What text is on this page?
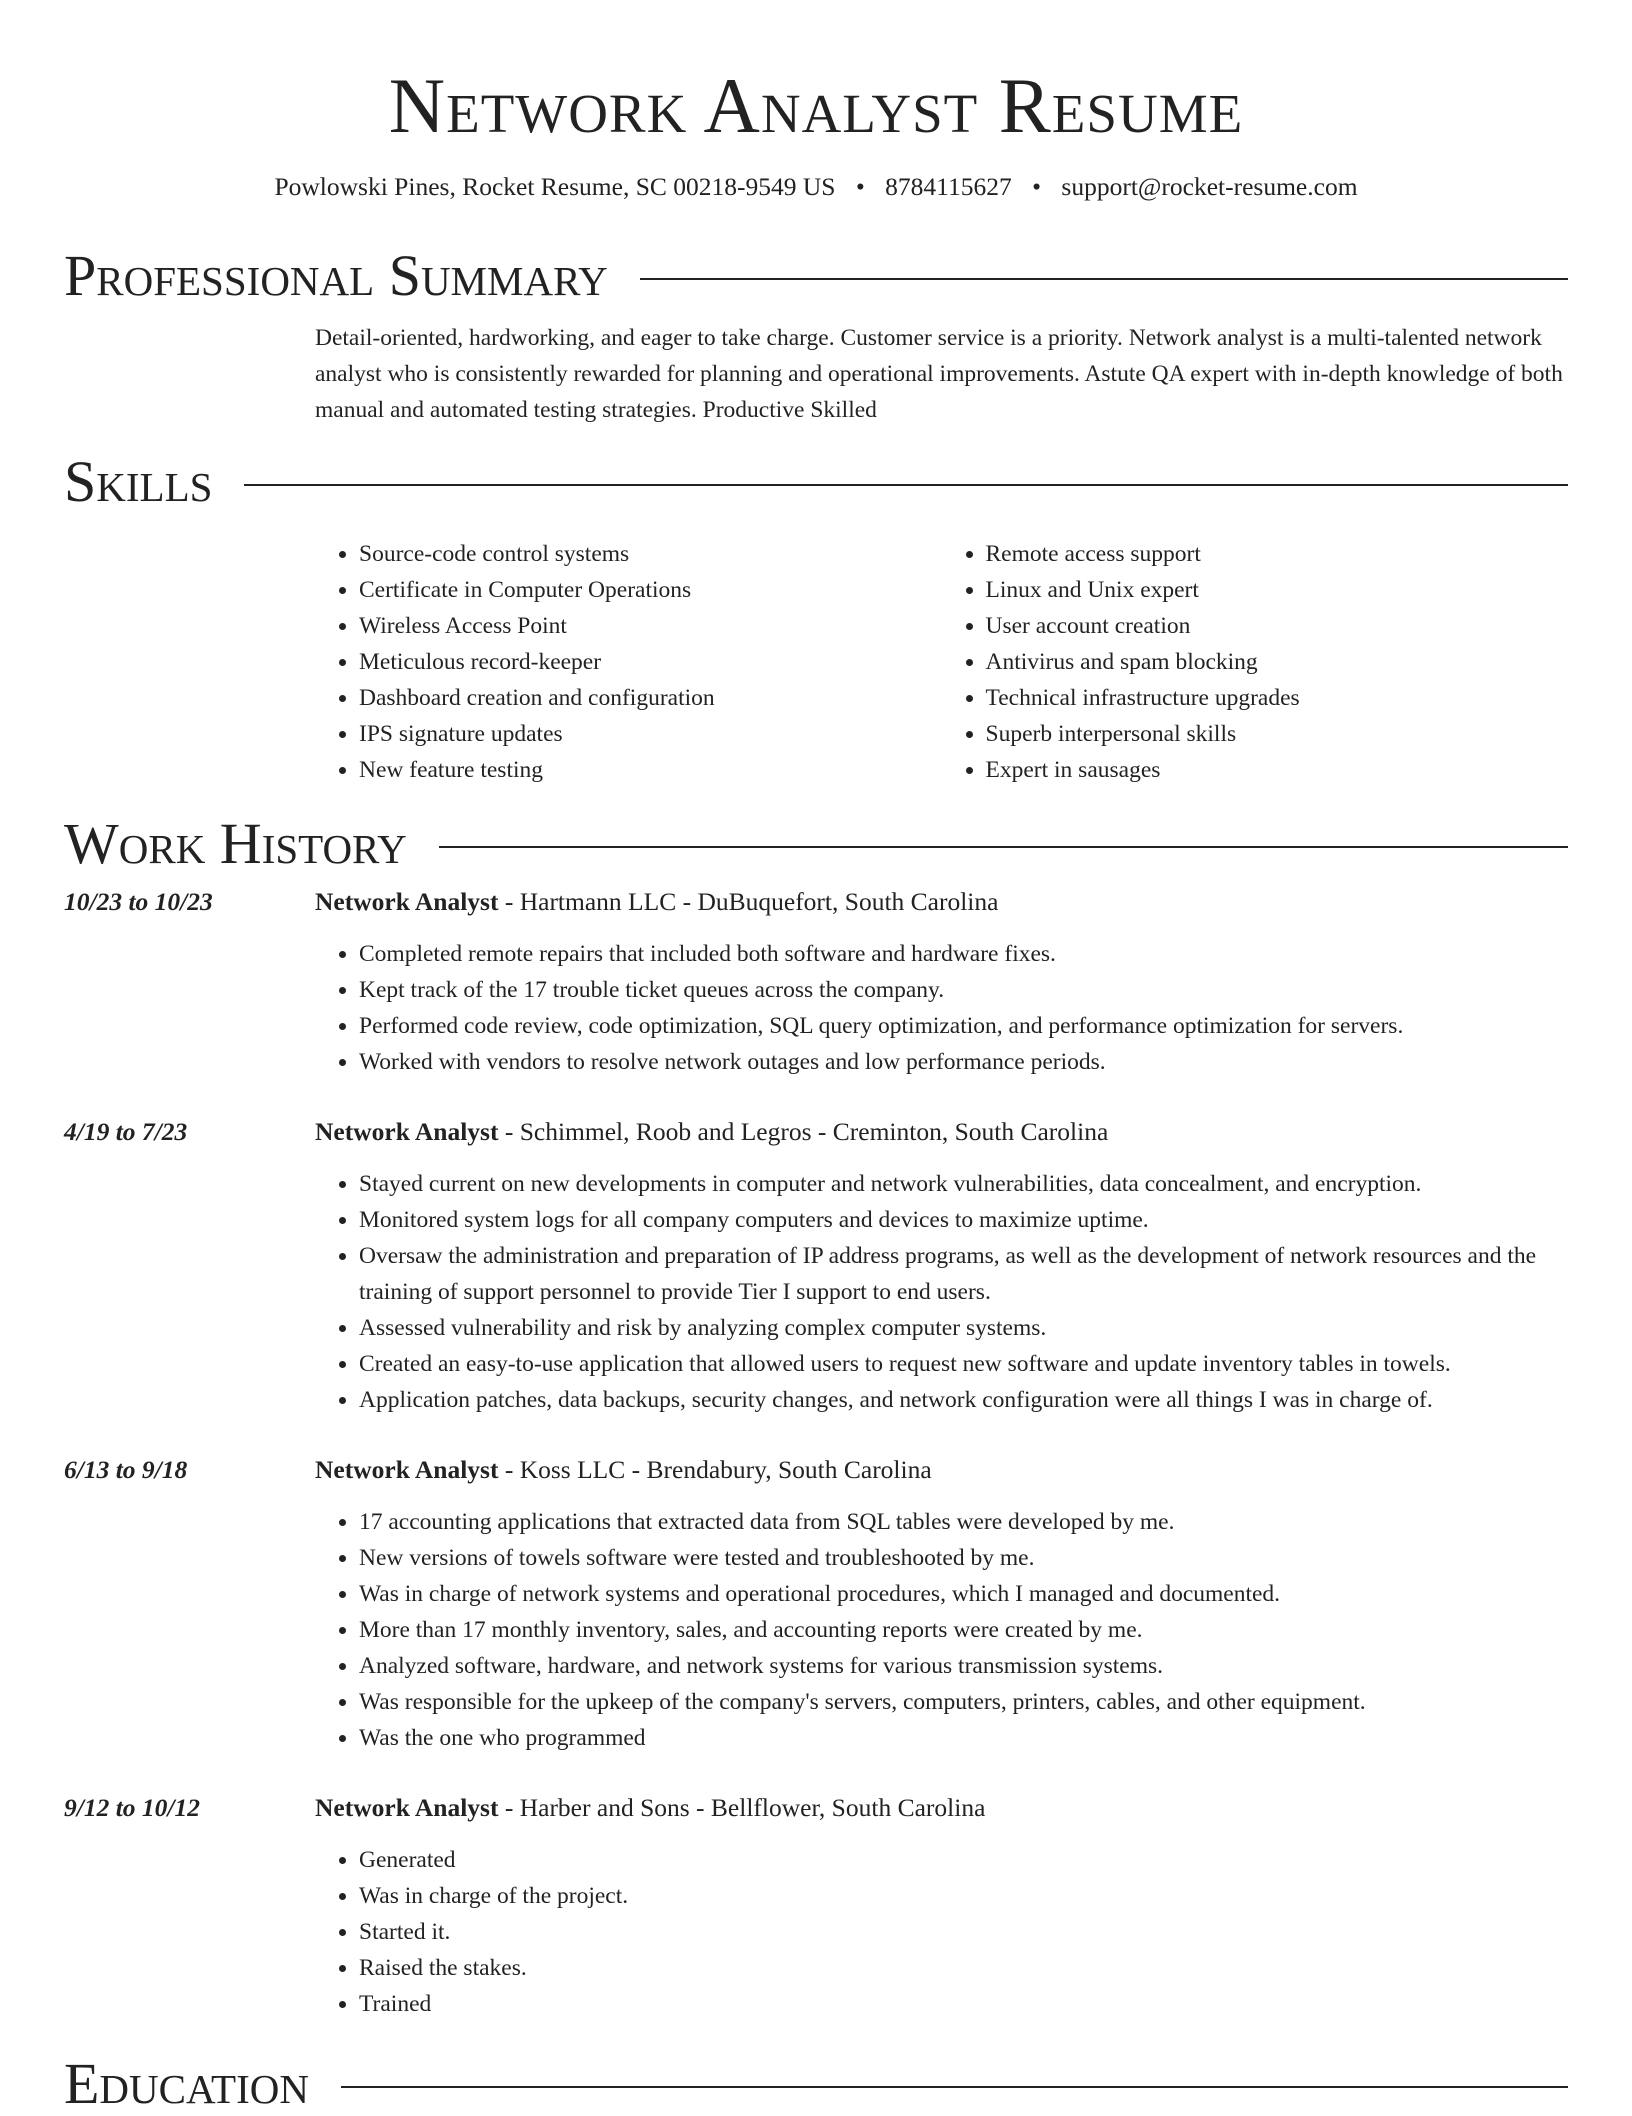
Network Analyst Resume
Powlowski Pines, Rocket Resume, SC 00218-9549 US • 8784115627 • support@rocket-resume.com
Professional Summary

Detail-oriented, hardworking, and eager to take charge. Customer service is a priority. Network analyst is a multi-talented network analyst who is consistently rewarded for planning and operational improvements. Astute QA expert with in-depth knowledge of both manual and automated testing strategies. Productive Skilled

Skills
• Source-code control systems
• Certificate in Computer Operations
• Wireless Access Point
• Meticulous record-keeper
• Dashboard creation and configuration
• IPS signature updates
• New feature testing
• Remote access support
• Linux and Unix expert
• User account creation
• Antivirus and spam blocking
• Technical infrastructure upgrades
• Superb interpersonal skills
• Expert in sausages
Work History
10/23 to 10/23	Network Analyst - Hartmann LLC - DuBuquefort, South Carolina
• Completed remote repairs that included both software and hardware fixes.
• Kept track of the 17 trouble ticket queues across the company.
• Performed code review, code optimization, SQL query optimization, and performance optimization for servers.
• Worked with vendors to resolve network outages and low performance periods.
4/19 to 7/23	Network Analyst - Schimmel, Roob and Legros - Creminton, South Carolina
• Stayed current on new developments in computer and network vulnerabilities, data concealment, and encryption.
• Monitored system logs for all company computers and devices to maximize uptime.
• Oversaw the administration and preparation of IP address programs, as well as the development of network resources and the training of support personnel to provide Tier I support to end users.
• Assessed vulnerability and risk by analyzing complex computer systems.
• Created an easy-to-use application that allowed users to request new software and update inventory tables in towels.
• Application patches, data backups, security changes, and network configuration were all things I was in charge of.
6/13 to 9/18	Network Analyst - Koss LLC - Brendabury, South Carolina
• 17 accounting applications that extracted data from SQL tables were developed by me.
• New versions of towels software were tested and troubleshooted by me.
• Was in charge of network systems and operational procedures, which I managed and documented.
• More than 17 monthly inventory, sales, and accounting reports were created by me.
• Analyzed software, hardware, and network systems for various transmission systems.
• Was responsible for the upkeep of the company's servers, computers, printers, cables, and other equipment.
• Was the one who programmed
9/12 to 10/12	Network Analyst - Harber and Sons - Bellflower, South Carolina
• Generated
• Was in charge of the project.
• Started it.
• Raised the stakes.
• Trained
Education
